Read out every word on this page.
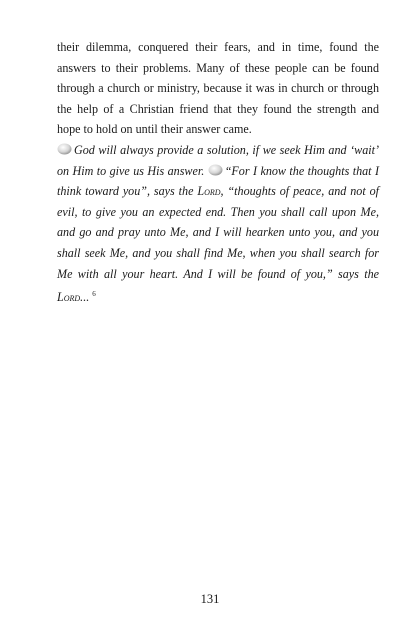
their dilemma, conquered their fears, and in time, found the answers to their problems. Many of these people can be found through a church or ministry, because it was in church or through the help of a Christian friend that they found the strength and hope to hold on until their answer came.

God will always provide a solution, if we seek Him and ‘wait’ on Him to give us His answer. “For I know the thoughts that I think toward you”, says the Lord, “thoughts of peace, and not of evil, to give you an expected end. Then you shall call upon Me, and go and pray unto Me, and I will hearken unto you, and you shall seek Me, and you shall find Me, when you shall search for Me with all your heart. And I will be found of you,” says the Lord... $^6$

131
